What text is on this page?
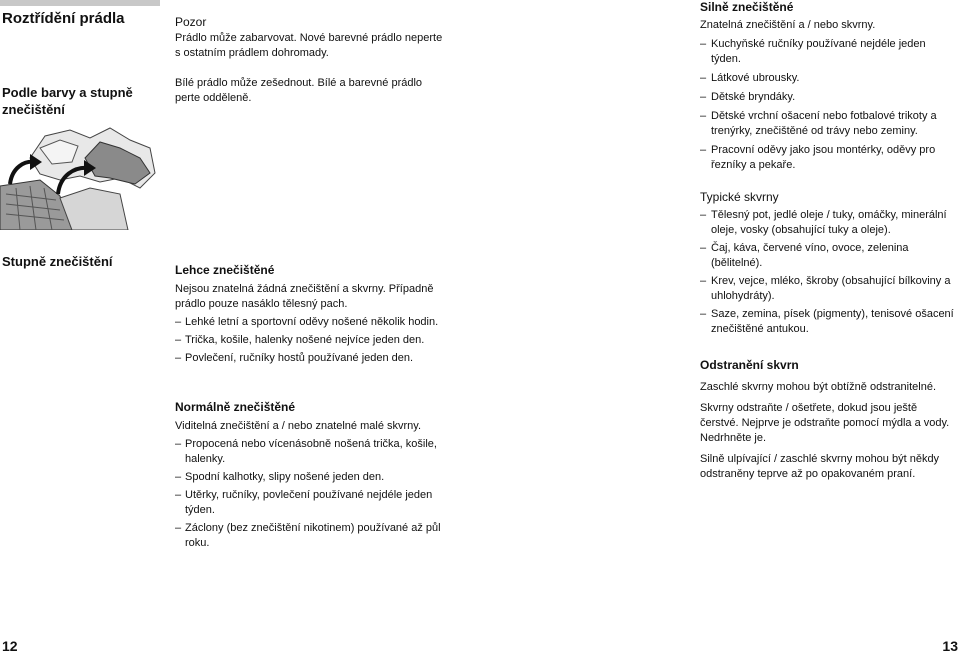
Roztřídění prádla
Podle barvy a stupně znečištění
Stupně znečištění
Pozor

Prádlo může zabarvovat. Nové barevné prádlo neperte s ostatním prádlem dohromady.

Bílé prádlo může zešednout. Bílé a barevné prádlo perte odděleně.

Lehce znečištěné

Nejsou znatelná žádná znečištění a skvrny. Případně prádlo pouze nasáklo tělesný pach.

– Lehké letní a sportovní oděvy nošené několik hodin.
– Trička, košile, halenky nošené nejvíce jeden den.
– Povlečení, ručníky hostů používané jeden den.
Normálně znečištěné

Viditelná znečištění a / nebo znatelné malé skvrny.

– Propocená nebo vícenásobně nošená trička, košile, halenky.
– Spodní kalhotky, slipy nošené jeden den.
– Utěrky, ručníky, povlečení používané nejdéle jeden týden.
– Záclony (bez znečištění nikotinem) používané až půl roku.
Silně znečištěné

Znatelná znečištění a / nebo skvrny.

– Kuchyňské ručníky používané nejdéle jeden týden.
– Látkové ubrousky.
– Dětské bryndáky.
– Dětské vrchní ošacení nebo fotbalové trikoty a trenýrky, znečištěné od trávy nebo zeminy.
– Pracovní oděvy jako jsou montérky, oděvy pro řezníky a pekaře.
Typické skvrny
– Tělesný pot, jedlé oleje / tuky, omáčky, minerální oleje, vosky (obsahující tuky a oleje).
– Čaj, káva, červené víno, ovoce, zelenina (bělitelné).
– Krev, vejce, mléko, škroby (obsahující bílkoviny a uhlohydráty).
– Saze, zemina, písek (pigmenty), tenisové ošacení znečištěné antukou.
Odstranění skvrn

Zaschlé skvrny mohou být obtížně odstranitelné.

Skvrny odstraňte / ošetřete, dokud jsou ještě čerstvé. Nejprve je odstraňte pomocí mýdla a vody. Nedrhněte je.

Silně ulpívající / zaschlé skvrny mohou být někdy odstraněny teprve až po opakovaném praní.

12	13
